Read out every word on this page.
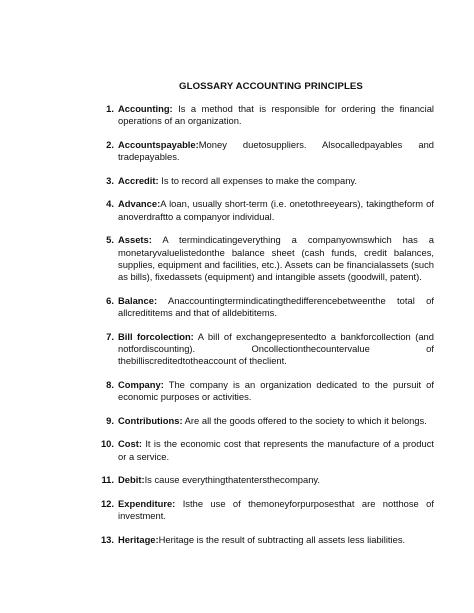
GLOSSARY ACCOUNTING PRINCIPLES
1. Accounting: Is a method that is responsible for ordering the financial operations of an organization.
2. Accountspayable:Money duetosuppliers. Alsocalledpayables and tradepayables.
3. Accredit: Is to record all expenses to make the company.
4. Advance:A loan, usually short-term (i.e. onetothreeyears), takingtheform of anoverdraftto a companyor individual.
5. Assets: A termindicatingeverything a companyownswhich has a monetaryvaluelistedonthe balance sheet (cash funds, credit balances, supplies, equipment and facilities, etc.). Assets can be financialassets (such as bills), fixedassets (equipment) and intangible assets (goodwill, patent).
6. Balance: Anaccountingtermindicatingthedifferencebetweenthe total of allcredititems and that of alldebititems.
7. Bill forcolection: A bill of exchangepresentedto a bankforcollection (and notfordiscounting). Oncollectionthecountervalue of thebilliscreditedtotheaccount of theclient.
8. Company: The company is an organization dedicated to the pursuit of economic purposes or activities.
9. Contributions: Are all the goods offered to the society to which it belongs.
10. Cost: It is the economic cost that represents the manufacture of a product or a service.
11. Debit:Is cause everythingthatentersthecompany.
12. Expenditure: Isthe use of themoneyforpurposesthat are notthose of investment.
13. Heritage:Heritage is the result of subtracting all assets less liabilities.
